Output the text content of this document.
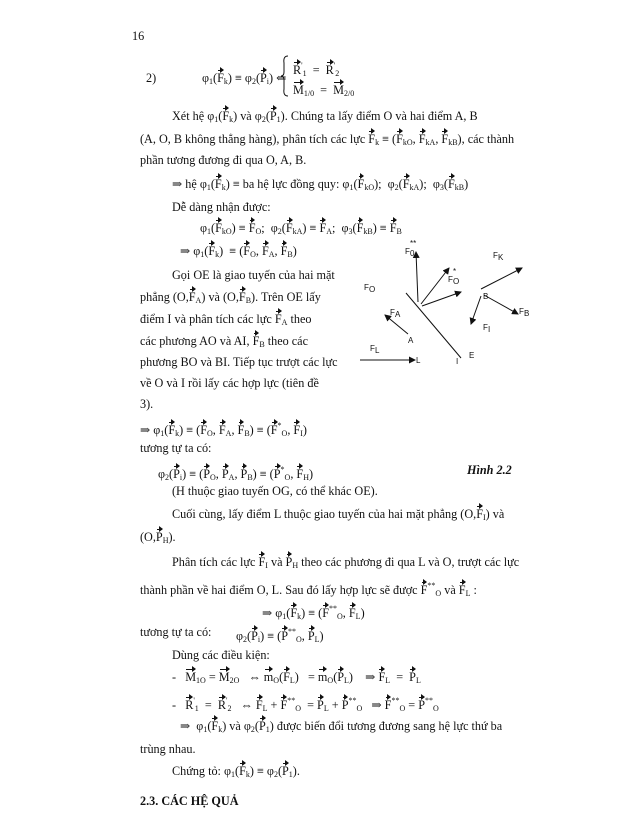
16
2)	$\varphi_1(F_k) \equiv \varphi_2(P_i)$ ⇐
$R'_1 = R'_2$
$M_{1/0} = M_{2/0}$
Xét hệ $\varphi_1(F_k)$ và $\varphi_2(P_1)$. Chúng ta lấy điểm O và hai điểm A, B
(A, O, B không thẳng hàng), phân tích các lực $F_k \equiv (F_{kO}$, $F_{kA}$, $F_{kB}$), các thành
phần tương đương đi qua O, A, B.
⇒ hệ $\varphi_1(F_k)$ ≡ ba hệ lực đồng quy: $\varphi_1(F_{kO})$;  $\varphi_2(F_{kA})$;  $\varphi_3(F_{kB})$
Dễ dàng nhận được:
$\varphi_1(F_{kO}) \equiv F_O$;  $\varphi_2(F_{kA}) \equiv F_A$;  $\varphi_3(F_{kB}) \equiv F_B$
⇒ $\varphi_1(F_k) \equiv (F_O$, $F_A$, $F_B$)
Gọi OE là giao tuyến của hai mặt
phẳng $(O,F_A)$ và $(O,F_B)$. Trên OE lấy
điểm I và phân tích các lực $F_A$ theo
các phương AO và AI, $F_B$ theo các
phương BO và BI. Tiếp tục trượt các lực
về O và I rồi lấy các hợp lực (tiên đề
3).
⇒ $\varphi_1(F_k) \equiv (F_O$, $F_A$, $F_B) \equiv (F^*_O$, $F_I$)
tương tự ta có:
$\varphi_2(P_i) \equiv (P_O$, $P_A$, $P_B) \equiv (P^*_O$, $F_H$)	Hình 2.2
(H thuộc giao tuyến OG, có thể khác OE).
Cuối cùng, lấy điểm L thuộc giao tuyến của hai mặt phẳng $(O,F_I)$ và
$(O,P_H)$.
Phân tích các lực $F_I$ và $P_H$ theo các phương đi qua L và O, trượt các lực
thành phần về hai điểm O, L. Sau đó lấy hợp lực sẽ được $F^{**}_O$ và $F_L$ :
⇒ $\varphi_1(F_k) \equiv (F^{**}_O$, $F_L$)
tương tự ta có: $\varphi_2(P_i) \equiv (P^{**}_O$, $P_L$)
Dùng các điều kiện:
- $M_{1O} = M_{2O}$   ⇔ $m_O(F_L) = m_O(P_L)$    ⇒ $F_L = P_L$
- $R'_1 = R'_2$   ⇔ $F_L + F^{**}_O = P_L + P^{**}_O$   ⇒ $F^{**}_O = P^{**}_O$
⇒  $\varphi_1(F_k)$ và $\varphi_2(P_1)$ được biến đổi tương đương sang hệ lực thứ ba
trùng nhau.
Chứng tỏ: $\varphi_1(F_k) \equiv \varphi_2(P_1)$.
2.3. CÁC HỆ QUẢ
F 0
**
F O
*
F O
F K
B
F B
F I
F A
A
E
F L
L	I
